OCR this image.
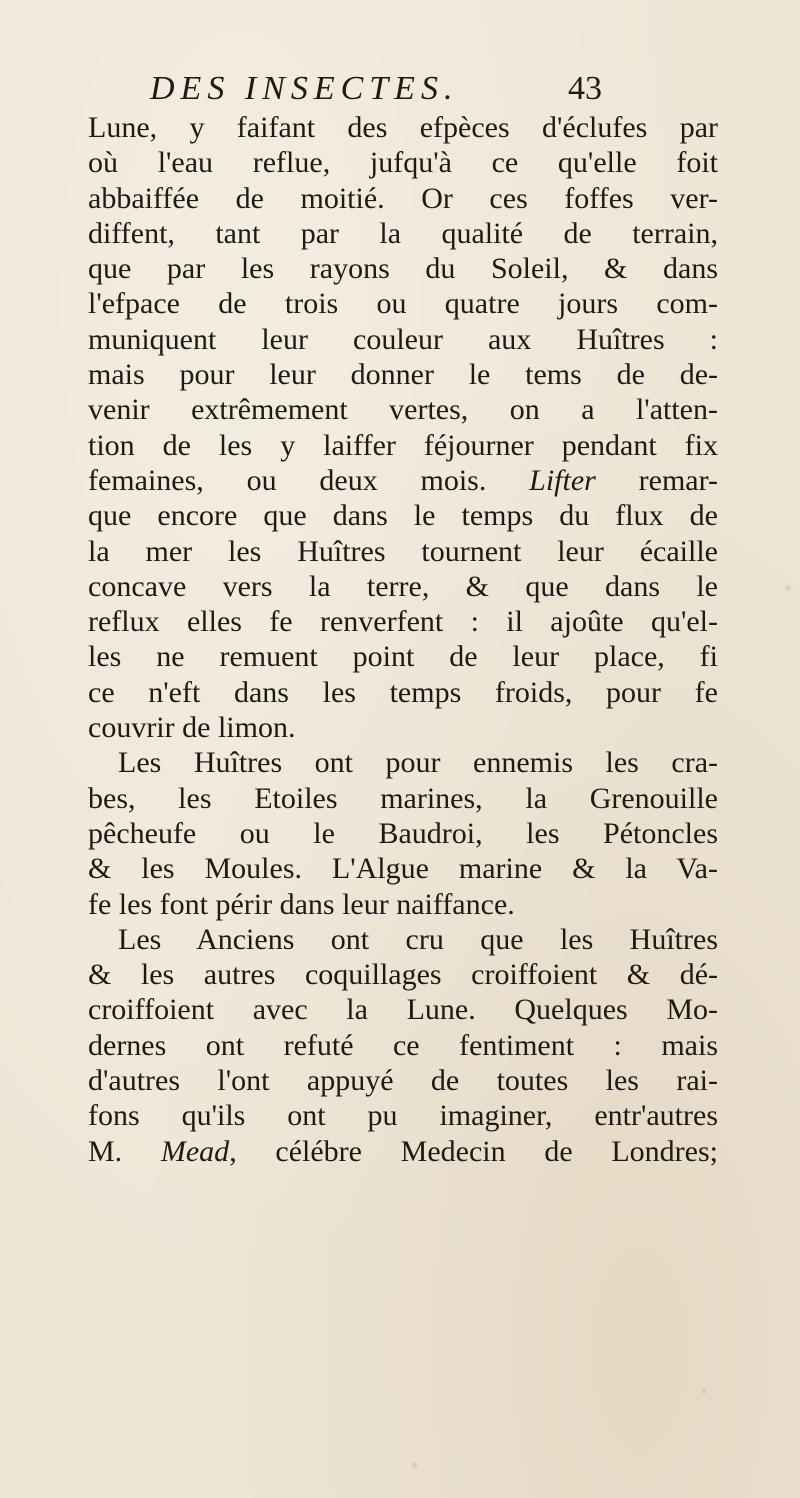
DES INSECTES.	43
Lune, y faifant des efpèces d'éclufes par
où l'eau reflue, jufqu'à ce qu'elle foit
abbaiffée de moitié. Or ces foffes ver-
diffent, tant par la qualité de terrain,
que par les rayons du Soleil, & dans
l'efpace de trois ou quatre jours com-
muniquent leur couleur aux Huîtres :
mais pour leur donner le tems de de-
venir extrêmement vertes, on a l'atten-
tion de les y laiffer féjourner pendant fix
femaines, ou deux mois. Lifter remar-
que encore que dans le temps du flux de
la mer les Huîtres tournent leur écaille
concave vers la terre, & que dans le
reflux elles fe renverfent : il ajoûte qu'el-
les ne remuent point de leur place, fi
ce n'eft dans les temps froids, pour fe
couvrir de limon.
Les Huîtres ont pour ennemis les cra-
bes, les Etoiles marines, la Grenouille
pêcheufe ou le Baudroi, les Pétoncles
& les Moules. L'Algue marine & la Va-
fe les font périr dans leur naiffance.
Les Anciens ont cru que les Huîtres
& les autres coquillages croiffoient & dé-
croiffoient avec la Lune. Quelques Mo-
dernes ont refuté ce fentiment : mais
d'autres l'ont appuyé de toutes les rai-
fons qu'ils ont pu imaginer, entr'autres
M. Mead, célébre Medecin de Londres;
